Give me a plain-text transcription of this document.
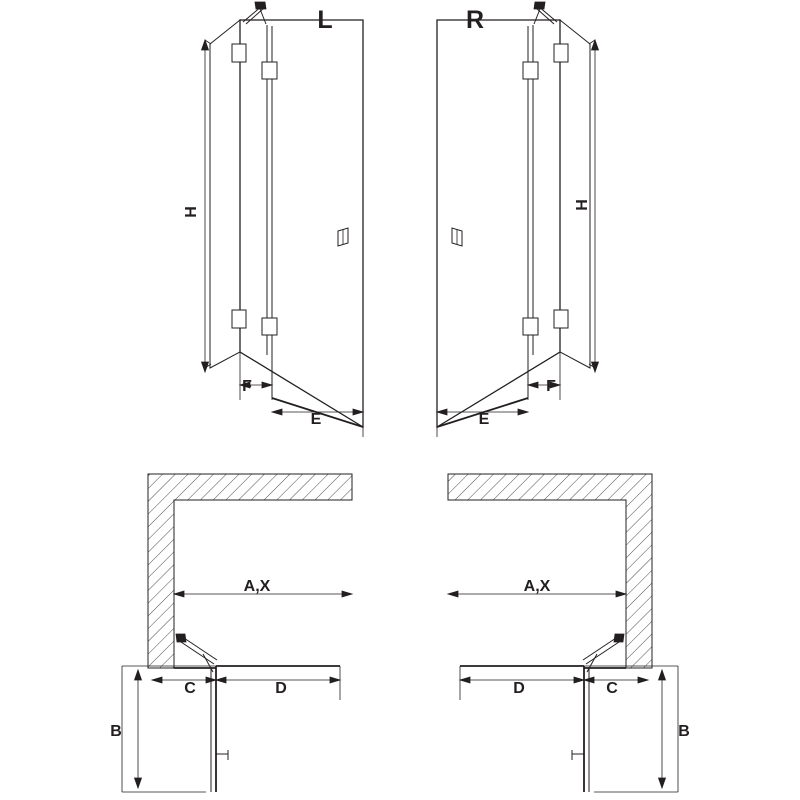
H
F
E
L
H
F
E
R
A,X
C	D
B
A,X
C
D
B
